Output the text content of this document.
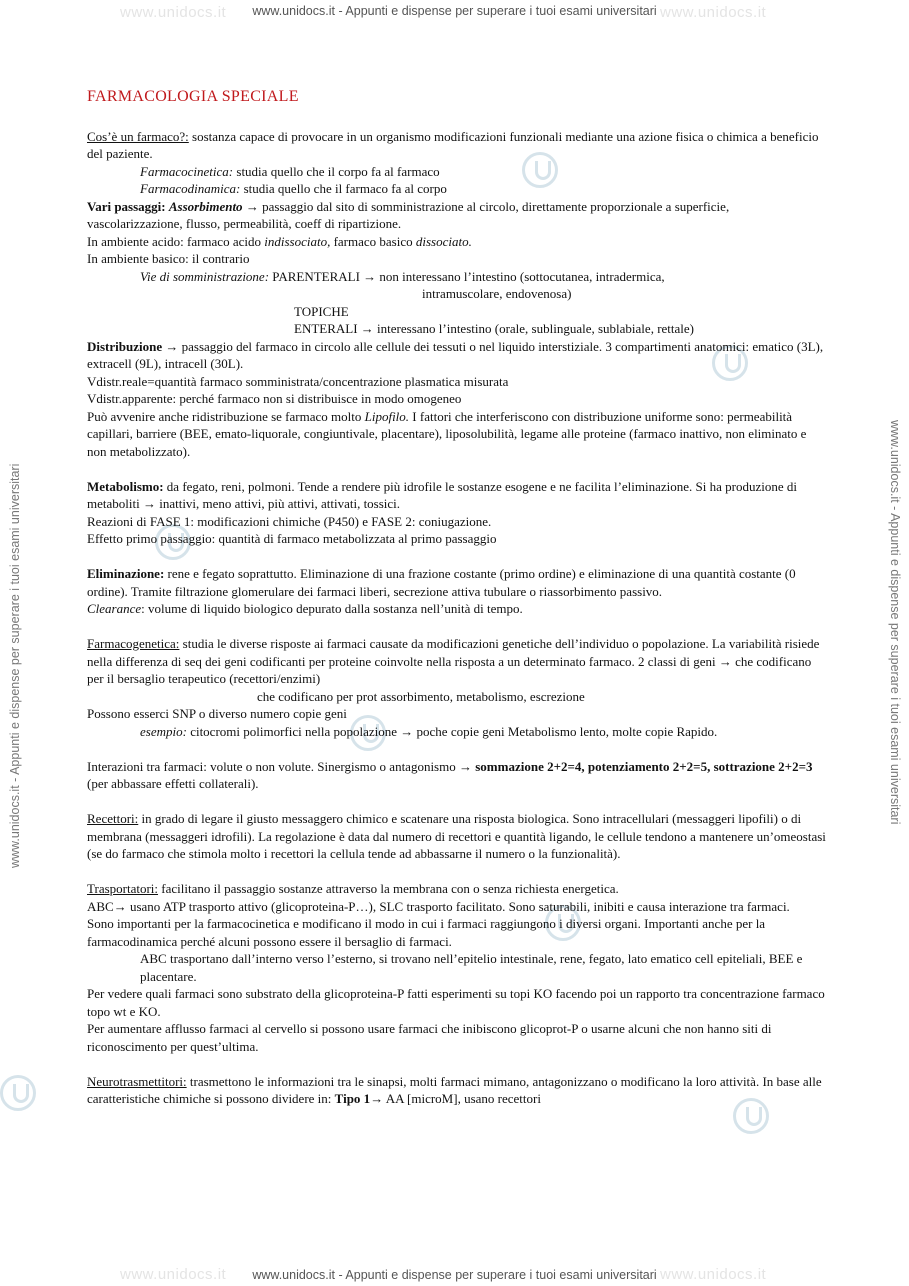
www.unidocs.it - Appunti e dispense per superare i tuoi esami universitari
www.unidocs.it - Appunti e dispense per superare i tuoi esami universitari
www.unidocs.it	www.unidocs.it
www.unidocs.it	www.unidocs.it
www.unidocs.it - Appunti e dispense per superare i tuoi esami universitari	www.unidocs.it - Appunti e dispense per superare i tuoi esami universitari
FARMACOLOGIA SPECIALE

Cos’è un farmaco?: sostanza capace di provocare in un organismo modificazioni funzionali mediante una azione fisica o chimica a beneficio del paziente.

Farmacocinetica: studia quello che il corpo fa al farmaco

Farmacodinamica: studia quello che il farmaco fa al corpo

Vari passaggi: Assorbimento → passaggio dal sito di somministrazione al circolo, direttamente proporzionale a superficie, vascolarizzazione, flusso, permeabilità, coeff di ripartizione.

In ambiente acido: farmaco acido indissociato, farmaco basico dissociato.

In ambiente basico: il contrario

Vie di somministrazione: PARENTERALI → non interessano l’intestino (sottocutanea, intradermica,

intramuscolare, endovenosa)

TOPICHE

ENTERALI → interessano l’intestino (orale, sublinguale, sublabiale, rettale)

Distribuzione → passaggio del farmaco in circolo alle cellule dei tessuti o nel liquido interstiziale. 3 compartimenti anatomici: ematico (3L), extracell (9L), intracell (30L).

Vdistr.reale=quantità farmaco somministrata/concentrazione plasmatica misurata

Vdistr.apparente: perché farmaco non si distribuisce in modo omogeneo

Può avvenire anche ridistribuzione se farmaco molto Lipofilo. I fattori che interferiscono con distribuzione uniforme sono: permeabilità capillari, barriere (BEE, emato-liquorale, congiuntivale, placentare), liposolubilità, legame alle proteine (farmaco inattivo, non eliminato e non metabolizzato).

Metabolismo: da fegato, reni, polmoni. Tende a rendere più idrofile le sostanze esogene e ne facilita l’eliminazione. Si ha produzione di metaboliti → inattivi, meno attivi, più attivi, attivati, tossici.

Reazioni di FASE 1: modificazioni chimiche (P450) e FASE 2: coniugazione.

Effetto primo passaggio: quantità di farmaco metabolizzata al primo passaggio

Eliminazione: rene e fegato soprattutto. Eliminazione di una frazione costante (primo ordine) e eliminazione di una quantità costante (0 ordine). Tramite filtrazione glomerulare dei farmaci liberi, secrezione attiva tubulare o riassorbimento passivo.

Clearance: volume di liquido biologico depurato dalla sostanza nell’unità di tempo.

Farmacogenetica: studia le diverse risposte ai farmaci causate da modificazioni genetiche dell’individuo o popolazione. La variabilità risiede nella differenza di seq dei geni codificanti per proteine coinvolte nella risposta a un determinato farmaco. 2 classi di geni → che codificano per il bersaglio terapeutico (recettori/enzimi)

che codificano per prot assorbimento, metabolismo, escrezione

Possono esserci SNP o diverso numero copie geni

esempio: citocromi polimorfici nella popolazione → poche copie geni Metabolismo lento, molte copie Rapido.

Interazioni tra farmaci: volute o non volute. Sinergismo o antagonismo → sommazione 2+2=4, potenziamento 2+2=5, sottrazione 2+2=3 (per abbassare effetti collaterali).

Recettori: in grado di legare il giusto messaggero chimico e scatenare una risposta biologica. Sono intracellulari (messaggeri lipofili) o di membrana (messaggeri idrofili). La regolazione è data dal numero di recettori e quantità ligando, le cellule tendono a mantenere un’omeostasi (se do farmaco che stimola molto i recettori la cellula tende ad abbassarne il numero o la funzionalità).

Trasportatori: facilitano il passaggio sostanze attraverso la membrana con o senza richiesta energetica.

ABC→ usano ATP trasporto attivo (glicoproteina-P…), SLC trasporto facilitato. Sono saturabili, inibiti e causa interazione tra farmaci.

Sono importanti per la farmacocinetica e modificano il modo in cui i farmaci raggiungono i diversi organi. Importanti anche per la farmacodinamica perché alcuni possono essere il bersaglio di farmaci.

ABC trasportano dall’interno verso l’esterno, si trovano nell’epitelio intestinale, rene, fegato, lato ematico cell epiteliali, BEE e placentare.

Per vedere quali farmaci sono substrato della glicoproteina-P fatti esperimenti su topi KO facendo poi un rapporto tra concentrazione farmaco topo wt e KO.

Per aumentare afflusso farmaci al cervello si possono usare farmaci che inibiscono glicoprot-P o usarne alcuni che non hanno siti di riconoscimento per quest’ultima.

Neurotrasmettitori: trasmettono le informazioni tra le sinapsi, molti farmaci mimano, antagonizzano o modificano la loro attività. In base alle caratteristiche chimiche si possono dividere in: Tipo 1→ AA [microM], usano recettori
